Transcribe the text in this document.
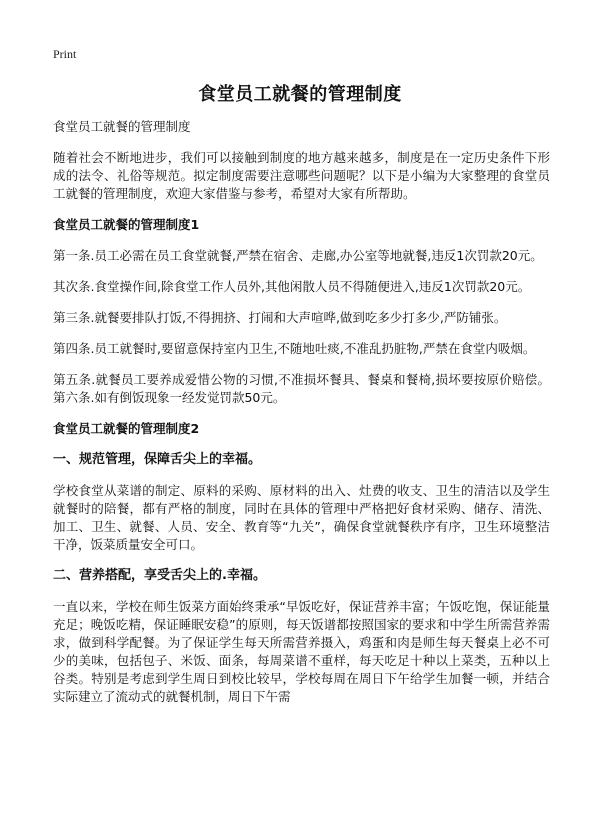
Print
食堂员工就餐的管理制度

食堂员工就餐的管理制度

随着社会不断地进步，我们可以接触到制度的地方越来越多，制度是在一定历史条件下形成的法令、礼俗等规范。拟定制度需要注意哪些问题呢？以下是小编为大家整理的食堂员工就餐的管理制度，欢迎大家借鉴与参考，希望对大家有所帮助。

食堂员工就餐的管理制度1

第一条.员工必需在员工食堂就餐,严禁在宿舍、走廊,办公室等地就餐,违反1次罚款20元。

其次条.食堂操作间,除食堂工作人员外,其他闲散人员不得随便进入,违反1次罚款20元。

第三条.就餐要排队打饭,不得拥挤、打闹和大声喧哗,做到吃多少打多少,严防铺张。

第四条.员工就餐时,要留意保持室内卫生,不随地吐痰,不准乱扔脏物,严禁在食堂内吸烟。

第五条.就餐员工要养成爱惜公物的习惯,不准损坏餐具、餐桌和餐椅,损坏要按原价赔偿。第六条.如有倒饭现象一经发觉罚款50元。

食堂员工就餐的管理制度2

一、规范管理，保障舌尖上的幸福。

学校食堂从菜谱的制定、原料的采购、原材料的出入、灶费的收支、卫生的清洁以及学生就餐时的陪餐，都有严格的制度，同时在具体的管理中严格把好食材采购、储存、清洗、加工、卫生、就餐、人员、安全、教育等“九关”，确保食堂就餐秩序有序，卫生环境整洁干净，饭菜质量安全可口。

二、营养搭配，享受舌尖上的.幸福。

一直以来，学校在师生饭菜方面始终秉承“早饭吃好，保证营养丰富；午饭吃饱，保证能量充足；晚饭吃精，保证睡眠安稳”的原则，每天饭谱都按照国家的要求和中学生所需营养需求，做到科学配餐。为了保证学生每天所需营养摄入，鸡蛋和肉是师生每天餐桌上必不可少的美味，包括包子、米饭、面条，每周菜谱不重样，每天吃足十种以上菜类，五种以上谷类。特别是考虑到学生周日到校比较早，学校每周在周日下午给学生加餐一顿，并结合实际建立了流动式的就餐机制，周日下午需
